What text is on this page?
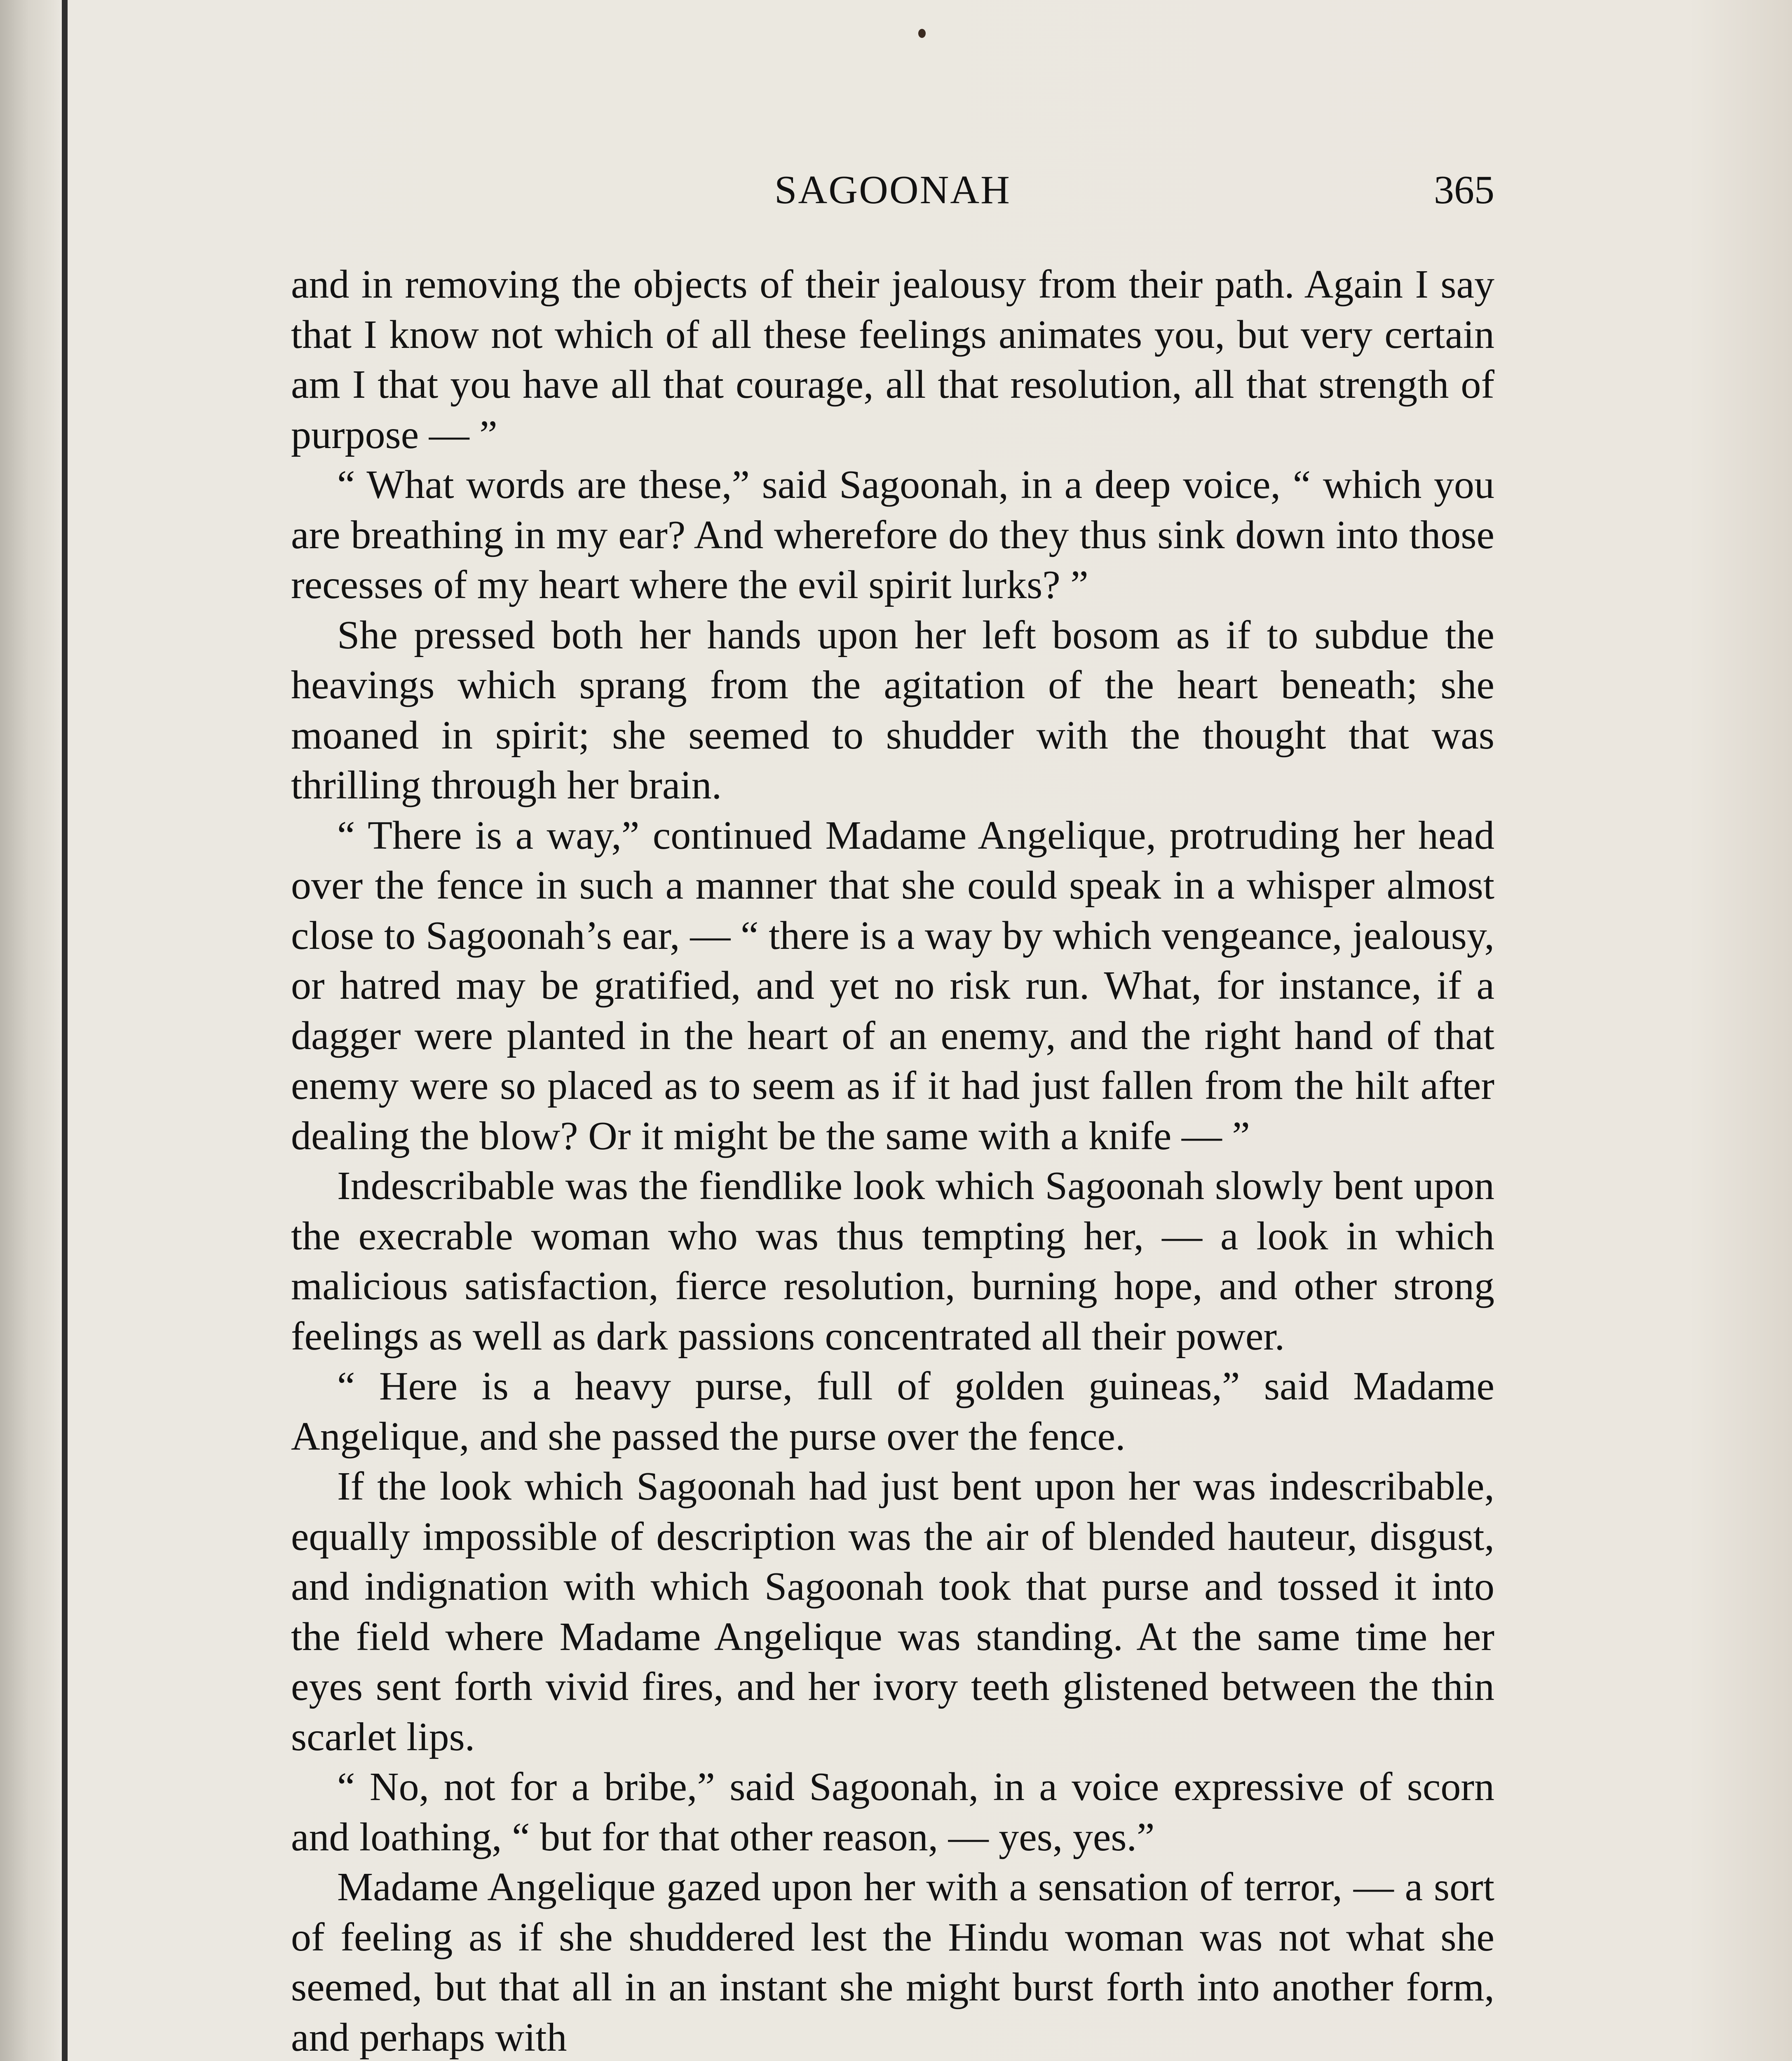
SAGOONAH	365

and in removing the objects of their jealousy from their path. Again I say that I know not which of all these feelings animates you, but very certain am I that you have all that courage, all that resolution, all that strength of purpose — ”

“ What words are these,” said Sagoonah, in a deep voice, “ which you are breathing in my ear? And wherefore do they thus sink down into those recesses of my heart where the evil spirit lurks? ”

She pressed both her hands upon her left bosom as if to subdue the heavings which sprang from the agitation of the heart beneath; she moaned in spirit; she seemed to shudder with the thought that was thrilling through her brain.

“ There is a way,” continued Madame Angelique, protruding her head over the fence in such a manner that she could speak in a whisper almost close to Sagoonah’s ear, — “ there is a way by which vengeance, jealousy, or hatred may be gratified, and yet no risk run. What, for instance, if a dagger were planted in the heart of an enemy, and the right hand of that enemy were so placed as to seem as if it had just fallen from the hilt after dealing the blow? Or it might be the same with a knife — ”

Indescribable was the fiendlike look which Sagoonah slowly bent upon the execrable woman who was thus tempting her, — a look in which malicious satisfaction, fierce resolution, burning hope, and other strong feelings as well as dark passions concentrated all their power.

“ Here is a heavy purse, full of golden guineas,” said Madame Angelique, and she passed the purse over the fence.

If the look which Sagoonah had just bent upon her was indescribable, equally impossible of description was the air of blended hauteur, disgust, and indignation with which Sagoonah took that purse and tossed it into the field where Madame Angelique was standing. At the same time her eyes sent forth vivid fires, and her ivory teeth glistened between the thin scarlet lips.

“ No, not for a bribe,” said Sagoonah, in a voice expressive of scorn and loathing, “ but for that other reason, — yes, yes.”

Madame Angelique gazed upon her with a sensation of terror, — a sort of feeling as if she shuddered lest the Hindu woman was not what she seemed, but that all in an instant she might burst forth into another form, and perhaps with
